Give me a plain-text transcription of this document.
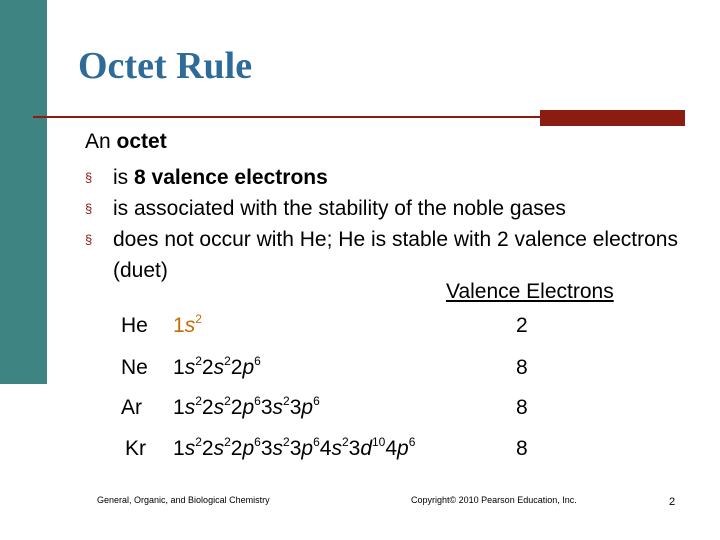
Octet Rule
An octet
§
is 8 valence electrons
§
is associated with the stability of the noble gases
§
does not occur with He; He is stable with 2 valence electrons (duet)
Valence Electrons
He $1s^2$	2
Ne $1s^22s^22p^6$	8
Ar $1s^22s^22p^63s^23p^6$	8
Kr $1s^22s^22p^63s^23p^64s^23d^{10}4p^6$	8
General, Organic, and Biological Chemistry	Copyright© 2010 Pearson Education, Inc.	2
